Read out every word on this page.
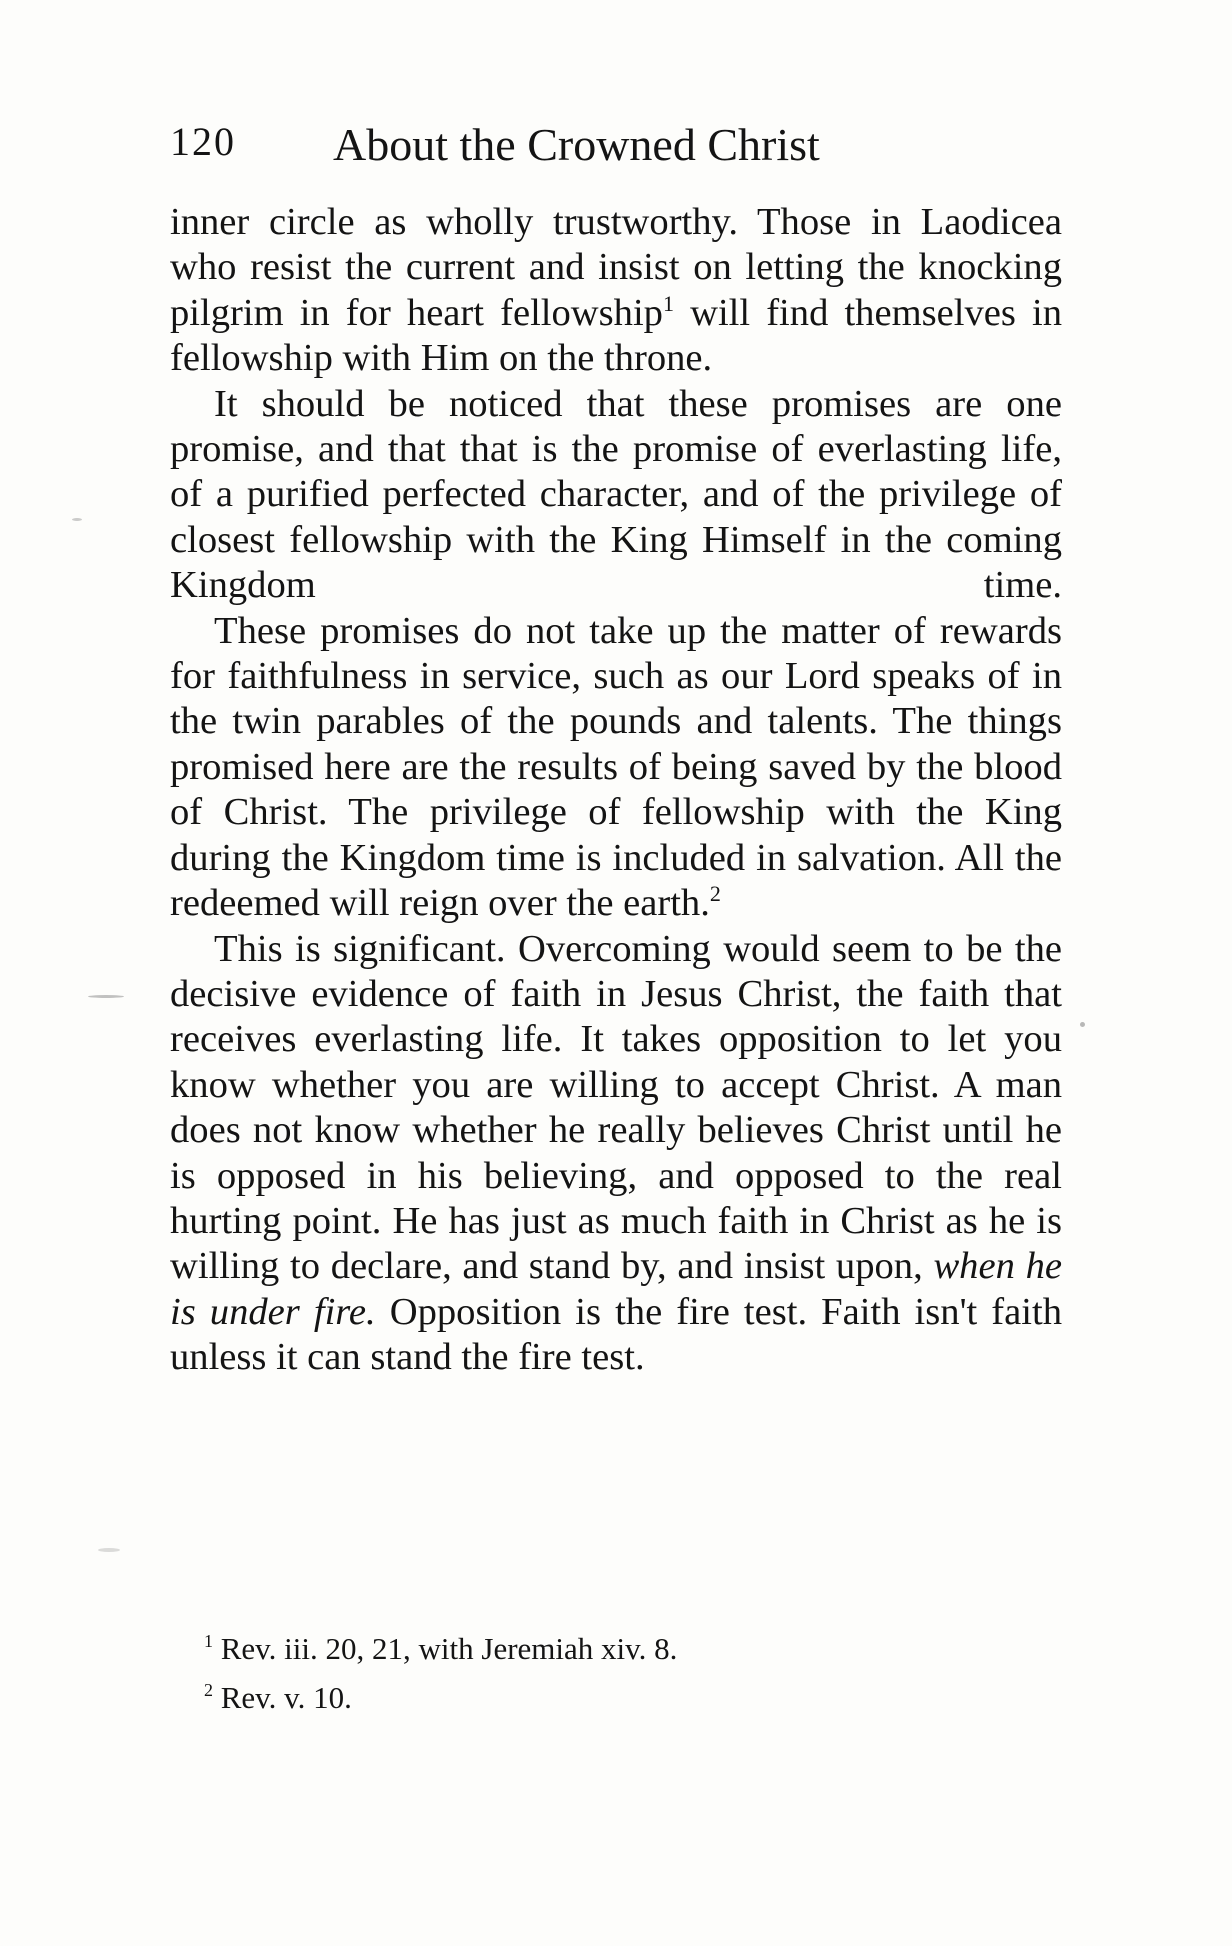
120 About the Crowned Christ

inner circle as wholly trustworthy. Those in Laodicea who resist the current and insist on letting the knocking pilgrim in for heart fellowship$^1$ will find themselves in fellowship with Him on the throne.

It should be noticed that these promises are one promise, and that that is the promise of everlasting life, of a purified perfected character, and of the privilege of closest fellowship with the King Himself in the coming Kingdom time.

These promises do not take up the matter of rewards for faithfulness in service, such as our Lord speaks of in the twin parables of the pounds and talents. The things promised here are the results of being saved by the blood of Christ. The privilege of fellowship with the King during the Kingdom time is included in salvation. All the redeemed will reign over the earth.$^2$

This is significant. Overcoming would seem to be the decisive evidence of faith in Jesus Christ, the faith that receives everlasting life. It takes opposition to let you know whether you are willing to accept Christ. A man does not know whether he really believes Christ until he is opposed in his believing, and opposed to the real hurting point. He has just as much faith in Christ as he is willing to declare, and stand by, and insist upon, when he is under fire. Opposition is the fire test. Faith isn't faith unless it can stand the fire test.

$^1$ Rev. iii. 20, 21, with Jeremiah xiv. 8.

$^2$ Rev. v. 10.
